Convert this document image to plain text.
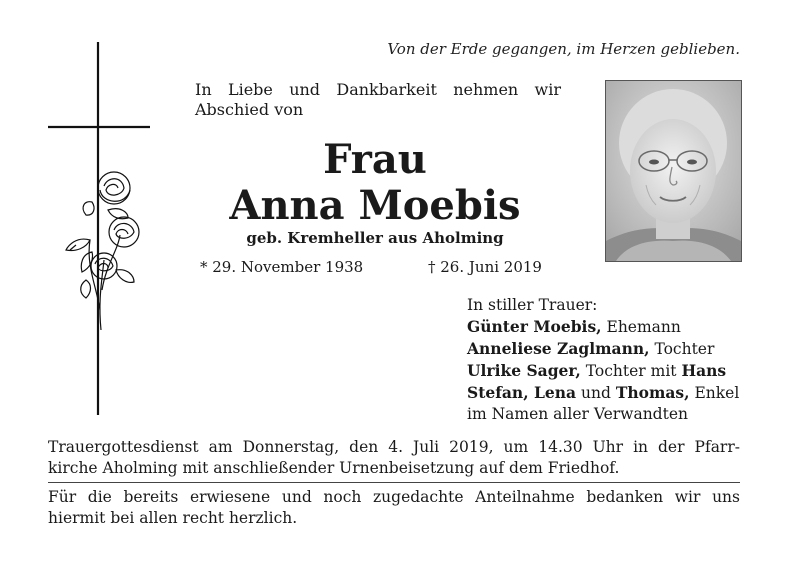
Von der Erde gegangen, im Herzen geblieben.
In Liebe und Dankbarkeit nehmen wir
Abschied von
Frau
Anna Moebis
geb. Kremheller aus Aholming
* 29. November 1938	† 26. Juni 2019
In stiller Trauer:
Günter Moebis, Ehemann
Anneliese Zaglmann, Tochter
Ulrike Sager, Tochter mit Hans
Stefan, Lena und Thomas, Enkel
im Namen aller Verwandten
Trauergottesdienst am Donnerstag, den 4. Juli 2019, um 14.30 Uhr in der Pfarr-
kirche Aholming mit anschließender Urnenbeisetzung auf dem Friedhof.
Für die bereits erwiesene und noch zugedachte Anteilnahme bedanken wir uns
hiermit bei allen recht herzlich.
